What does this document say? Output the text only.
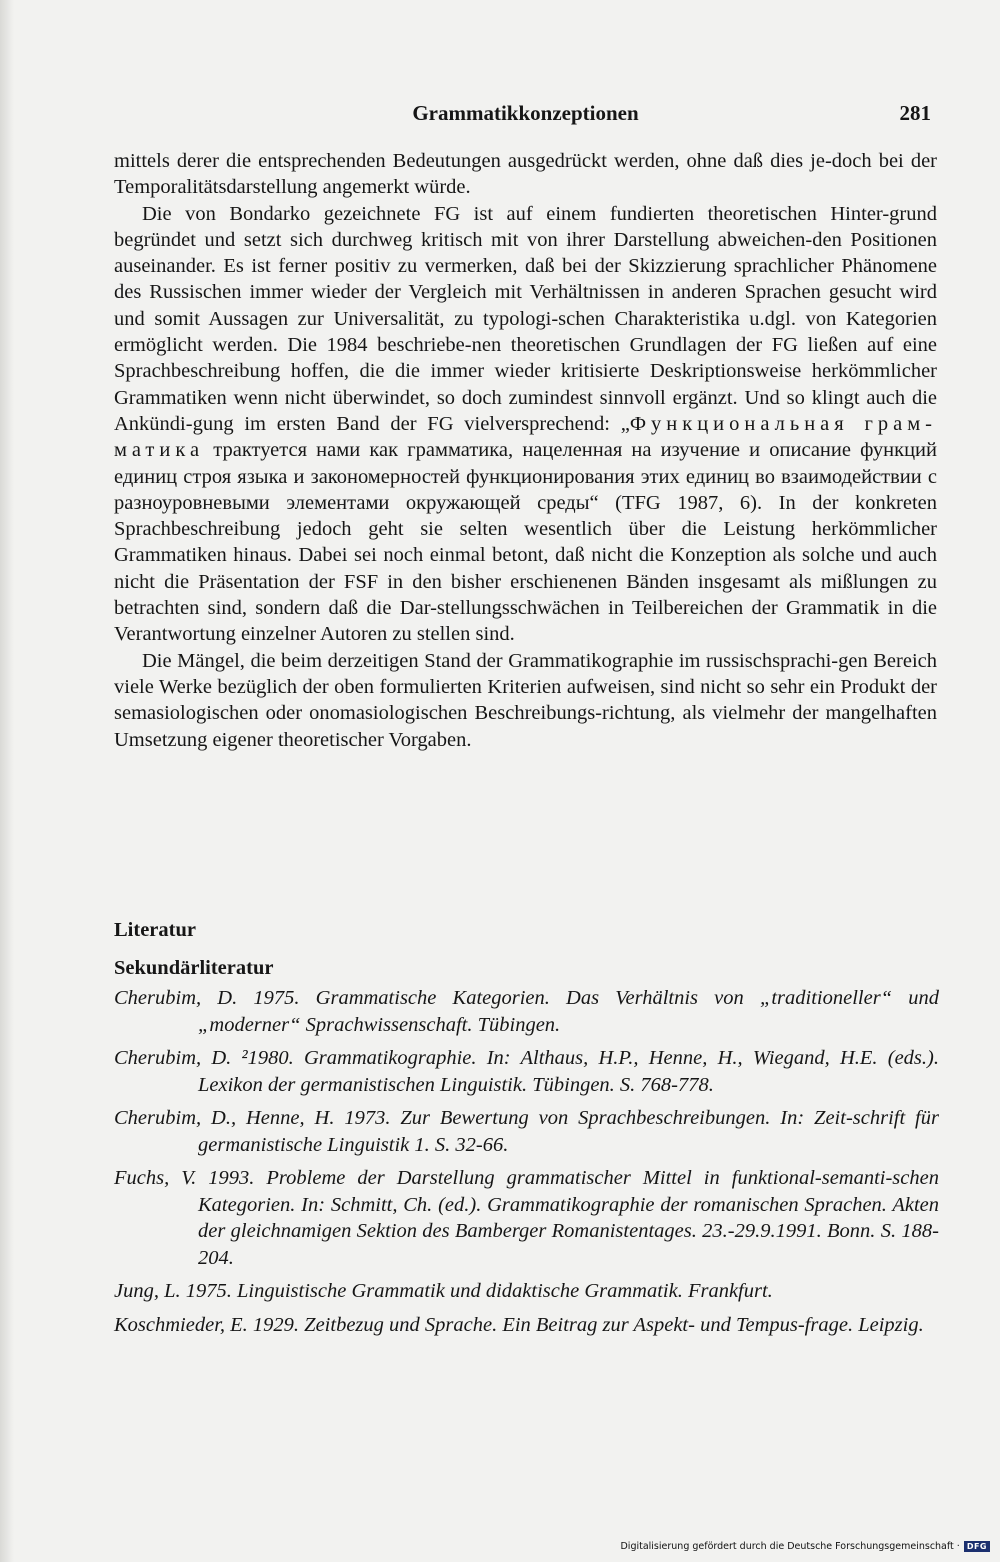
Grammatikkonzeptionen	281

mittels derer die entsprechenden Bedeutungen ausgedrückt werden, ohne daß dies je-doch bei der Temporalitätsdarstellung angemerkt würde.

Die von Bondarko gezeichnete FG ist auf einem fundierten theoretischen Hinter-grund begründet und setzt sich durchweg kritisch mit von ihrer Darstellung abweichen-den Positionen auseinander. Es ist ferner positiv zu vermerken, daß bei der Skizzierung sprachlicher Phänomene des Russischen immer wieder der Vergleich mit Verhältnissen in anderen Sprachen gesucht wird und somit Aussagen zur Universalität, zu typologi-schen Charakteristika u.dgl. von Kategorien ermöglicht werden. Die 1984 beschriebe-nen theoretischen Grundlagen der FG ließen auf eine Sprachbeschreibung hoffen, die die immer wieder kritisierte Deskriptionsweise herkömmlicher Grammatiken wenn nicht überwindet, so doch zumindest sinnvoll ergänzt. Und so klingt auch die Ankündi-gung im ersten Band der FG vielversprechend: „Функциональная грам-матика трактуется нами как грамматика, нацеленная на изучение и описание функций единиц строя языка и закономерностей функционирования этих единиц во взаимодействии с разноуровневыми элементами окружающей среды“ (TFG 1987, 6). In der konkreten Sprachbeschreibung jedoch geht sie selten wesentlich über die Leistung herkömmlicher Grammatiken hinaus. Dabei sei noch einmal betont, daß nicht die Konzeption als solche und auch nicht die Präsentation der FSF in den bisher erschienenen Bänden insgesamt als mißlungen zu betrachten sind, sondern daß die Dar-stellungsschwächen in Teilbereichen der Grammatik in die Verantwortung einzelner Autoren zu stellen sind.

Die Mängel, die beim derzeitigen Stand der Grammatikographie im russischsprachi-gen Bereich viele Werke bezüglich der oben formulierten Kriterien aufweisen, sind nicht so sehr ein Produkt der semasiologischen oder onomasiologischen Beschreibungs-richtung, als vielmehr der mangelhaften Umsetzung eigener theoretischer Vorgaben.

Literatur
Sekundärliteratur
Cherubim, D. 1975. Grammatische Kategorien. Das Verhältnis von „traditioneller“ und „moderner“ Sprachwissenschaft. Tübingen.
Cherubim, D. ²1980. Grammatikographie. In: Althaus, H.P., Henne, H., Wiegand, H.E. (eds.). Lexikon der germanistischen Linguistik. Tübingen. S. 768-778.
Cherubim, D., Henne, H. 1973. Zur Bewertung von Sprachbeschreibungen. In: Zeit-schrift für germanistische Linguistik 1. S. 32-66.
Fuchs, V. 1993. Probleme der Darstellung grammatischer Mittel in funktional-semanti-schen Kategorien. In: Schmitt, Ch. (ed.). Grammatikographie der romanischen Sprachen. Akten der gleichnamigen Sektion des Bamberger Romanistentages. 23.-29.9.1991. Bonn. S. 188-204.
Jung, L. 1975. Linguistische Grammatik und didaktische Grammatik. Frankfurt.
Koschmieder, E. 1929. Zeitbezug und Sprache. Ein Beitrag zur Aspekt- und Tempus-frage. Leipzig.
Digitalisierung gefördert durch die Deutsche Forschungsgemeinschaft · DFG
